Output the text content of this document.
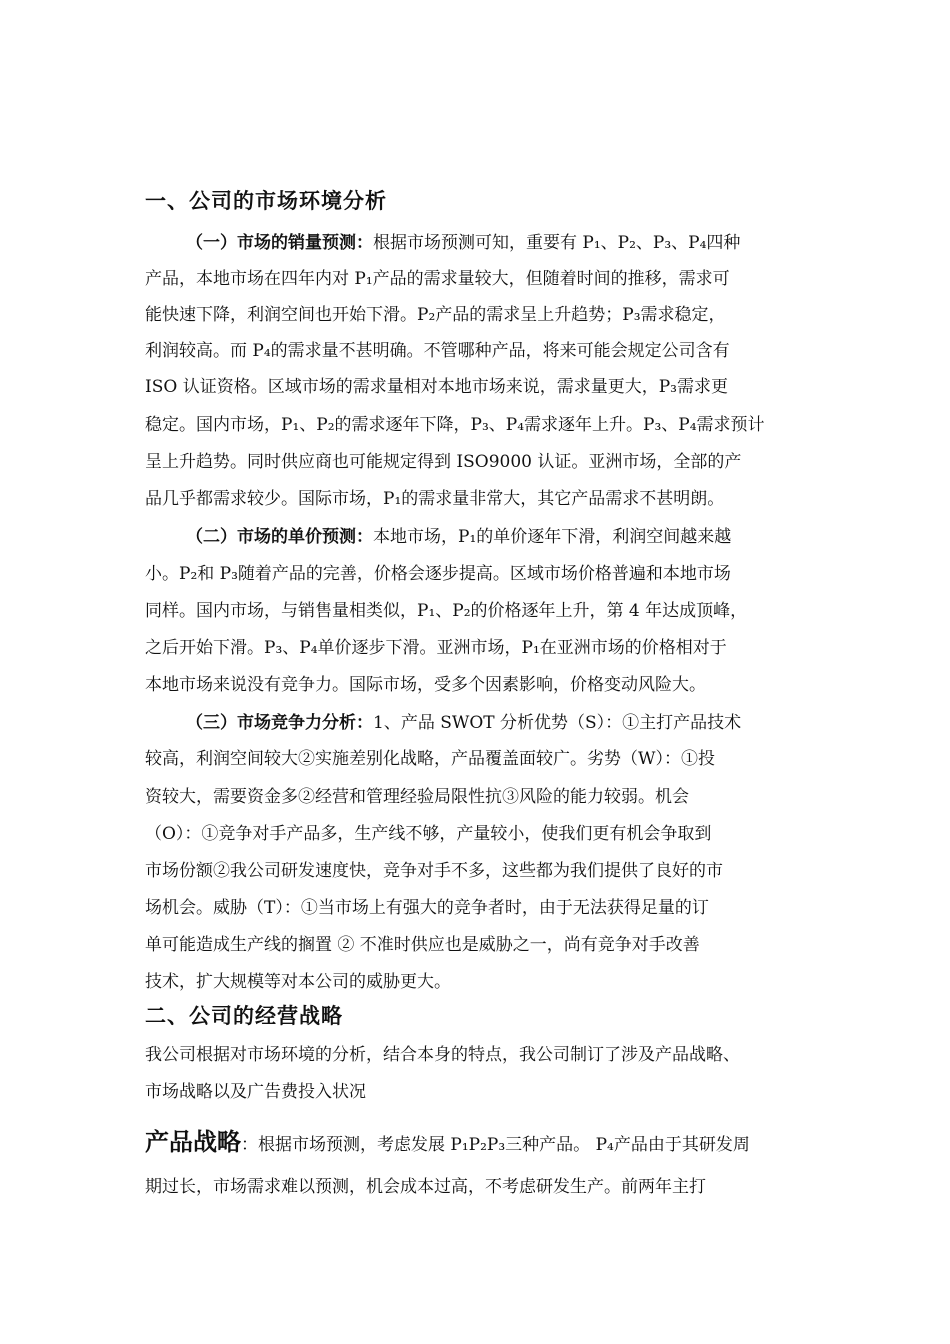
一、公司的市场环境分析
（一）市场的销量预测：根据市场预测可知，重要有 P₁、P₂、P₃、P₄四种
产品，本地市场在四年内对 P₁产品的需求量较大，但随着时间的推移，需求可
能快速下降，利润空间也开始下滑。P₂产品的需求呈上升趋势；P₃需求稳定，
利润较高。而 P₄的需求量不甚明确。不管哪种产品，将来可能会规定公司含有
ISO 认证资格。区域市场的需求量相对本地市场来说，需求量更大，P₃需求更
稳定。国内市场，P₁、P₂的需求逐年下降，P₃、P₄需求逐年上升。P₃、P₄需求预计
呈上升趋势。同时供应商也可能规定得到 ISO9000 认证。亚洲市场，全部的产
品几乎都需求较少。国际市场，P₁的需求量非常大，其它产品需求不甚明朗。
（二）市场的单价预测：本地市场，P₁的单价逐年下滑，利润空间越来越
小。P₂和 P₃随着产品的完善，价格会逐步提高。区域市场价格普遍和本地市场
同样。国内市场，与销售量相类似，P₁、P₂的价格逐年上升，第 4 年达成顶峰，
之后开始下滑。P₃、P₄单价逐步下滑。亚洲市场，P₁在亚洲市场的价格相对于
本地市场来说没有竞争力。国际市场，受多个因素影响，价格变动风险大。
（三）市场竞争力分析：1、产品 SWOT 分析优势（S）：①主打产品技术
较高，利润空间较大②实施差别化战略，产品覆盖面较广。劣势（W）：①投
资较大，需要资金多②经营和管理经验局限性抗③风险的能力较弱。机会
（O）：①竞争对手产品多，生产线不够，产量较小，使我们更有机会争取到
市场份额②我公司研发速度快，竞争对手不多，这些都为我们提供了良好的市
场机会。威胁（T）：①当市场上有强大的竞争者时，由于无法获得足量的订
单可能造成生产线的搁置 ② 不准时供应也是威胁之一，尚有竞争对手改善
技术，扩大规模等对本公司的威胁更大。
二、公司的经营战略
我公司根据对市场环境的分析，结合本身的特点，我公司制订了涉及产品战略、
市场战略以及广告费投入状况
产品战略：根据市场预测，考虑发展 P₁P₂P₃三种产品。 P₄产品由于其研发周
期过长，市场需求难以预测，机会成本过高，不考虑研发生产。前两年主打
